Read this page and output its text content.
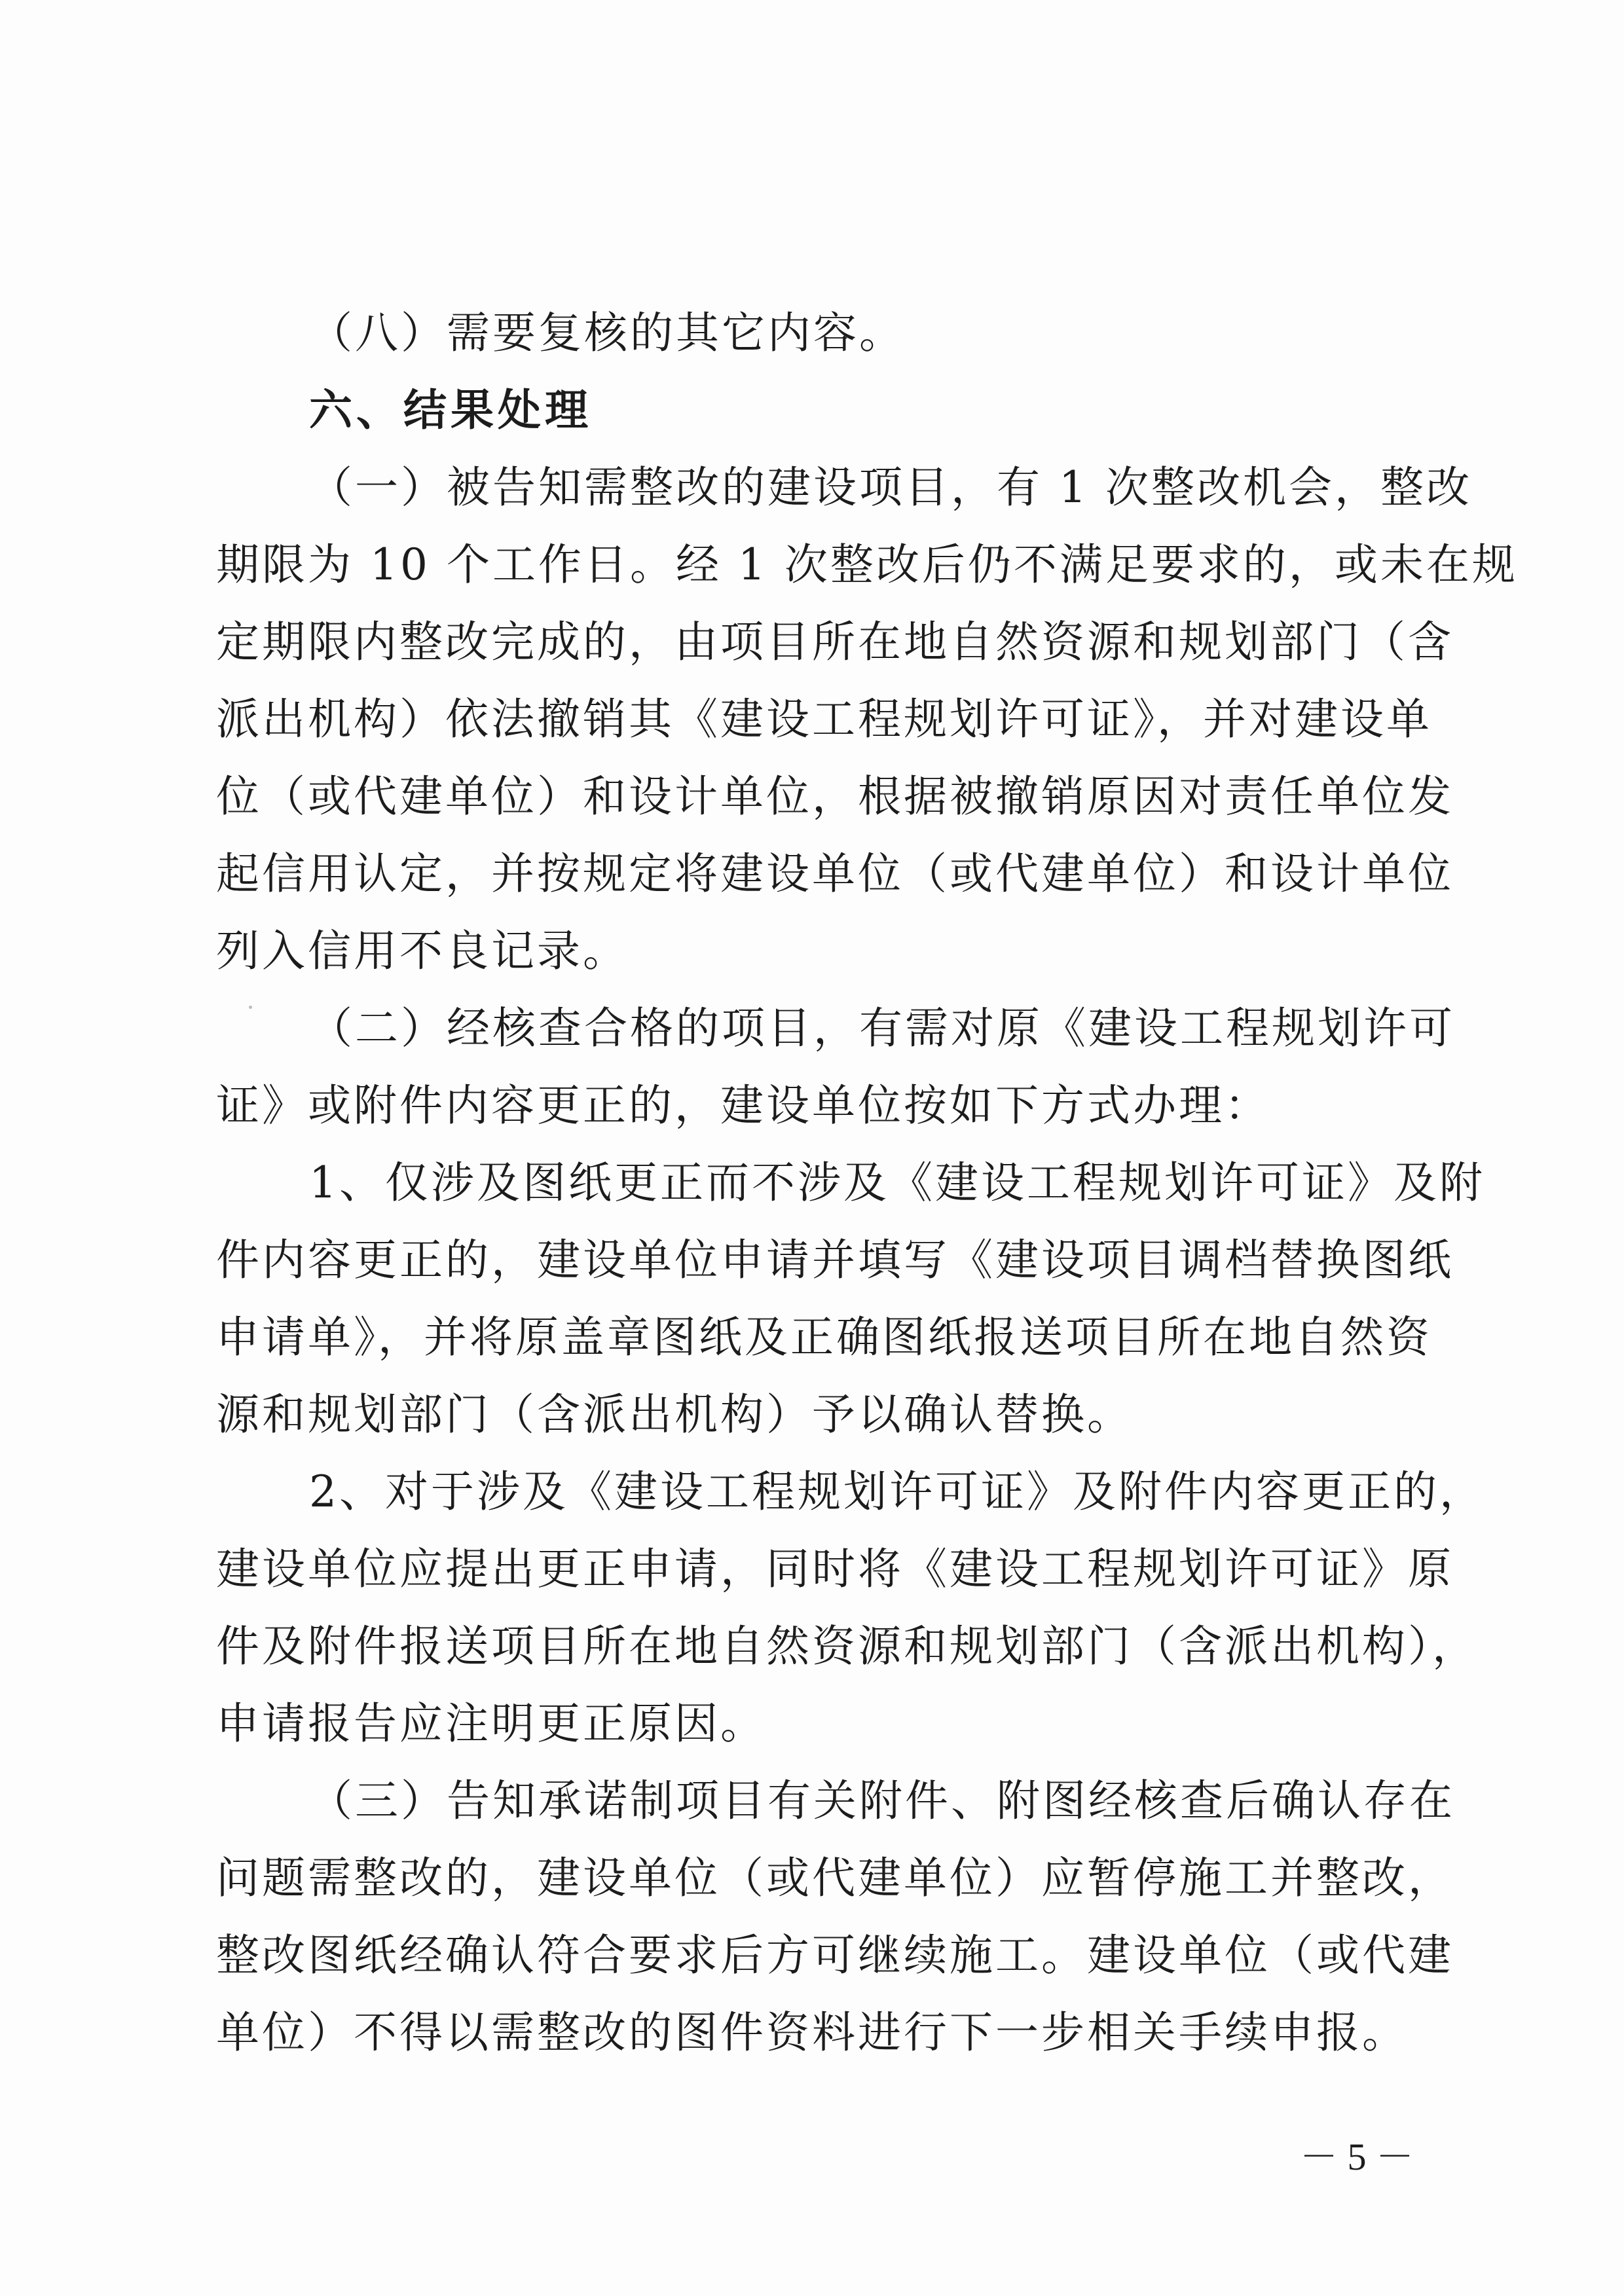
（八）需要复核的其它内容。
六、结果处理
（一）被告知需整改的建设项目，有 1 次整改机会，整改
期限为 10 个工作日。经 1 次整改后仍不满足要求的，或未在规
定期限内整改完成的，由项目所在地自然资源和规划部门（含
派出机构）依法撤销其《建设工程规划许可证》，并对建设单
位（或代建单位）和设计单位，根据被撤销原因对责任单位发
起信用认定，并按规定将建设单位（或代建单位）和设计单位
列入信用不良记录。
（二）经核查合格的项目，有需对原《建设工程规划许可
证》或附件内容更正的，建设单位按如下方式办理：
1、仅涉及图纸更正而不涉及《建设工程规划许可证》及附
件内容更正的，建设单位申请并填写《建设项目调档替换图纸
申请单》，并将原盖章图纸及正确图纸报送项目所在地自然资
源和规划部门（含派出机构）予以确认替换。
2、对于涉及《建设工程规划许可证》及附件内容更正的，
建设单位应提出更正申请，同时将《建设工程规划许可证》原
件及附件报送项目所在地自然资源和规划部门（含派出机构），
申请报告应注明更正原因。
（三）告知承诺制项目有关附件、附图经核查后确认存在
问题需整改的，建设单位（或代建单位）应暂停施工并整改，
整改图纸经确认符合要求后方可继续施工。建设单位（或代建
单位）不得以需整改的图件资料进行下一步相关手续申报。
－ 5 －
